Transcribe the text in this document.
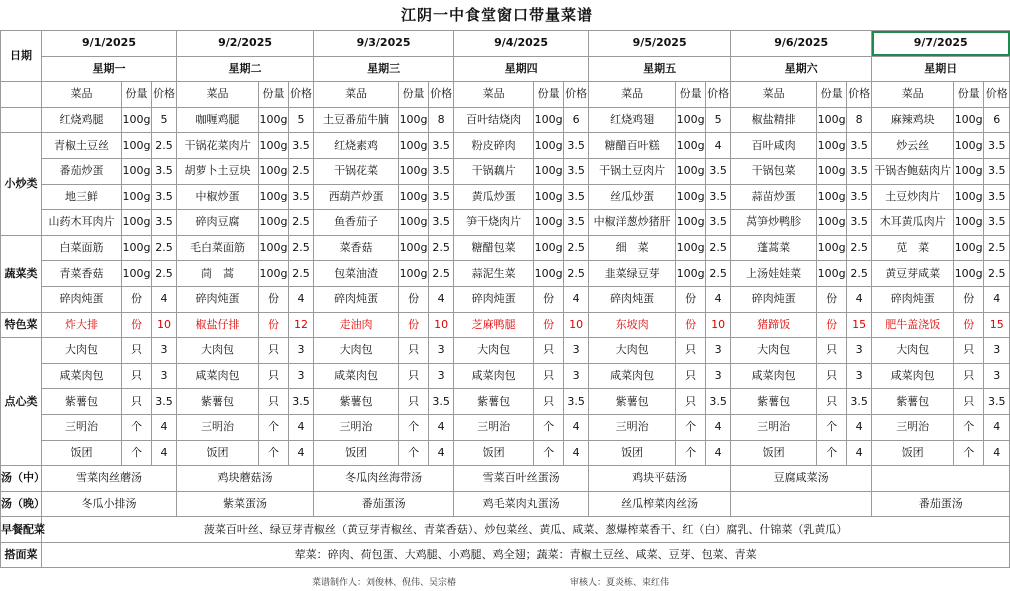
江阴一中食堂窗口带量菜谱
日期	9/1/2025			9/2/2025			9/3/2025			9/4/2025			9/5/2025			9/6/2025			9/7/2025		
	星期一			星期二			星期三			星期四			星期五			星期六			星期日		
	菜品	份量	价格	菜品	份量	价格	菜品	份量	价格	菜品	份量	价格	菜品	份量	价格	菜品	份量	价格	菜品	份量	价格
	红烧鸡腿	100g	5	咖喱鸡腿	100g	5	土豆番茄牛腩	100g	8	百叶结烧肉	100g	6	红烧鸡翅	100g	5	椒盐精排	100g	8	麻辣鸡块	100g	6
小炒类	青椒土豆丝	100g	2.5	干锅花菜肉片	100g	3.5	红烧素鸡	100g	3.5	粉皮碎肉	100g	3.5	糖醋百叶糕	100g	4	百叶咸肉	100g	3.5	炒云丝	100g	3.5
	番茄炒蛋	100g	3.5	胡萝卜土豆块	100g	2.5	干锅花菜	100g	3.5	干锅藕片	100g	3.5	干锅土豆肉片	100g	3.5	干锅包菜	100g	3.5	干锅杏鲍菇肉片	100g	3.5
	地三鲜	100g	3.5	中椒炒蛋	100g	3.5	西葫芦炒蛋	100g	3.5	黄瓜炒蛋	100g	3.5	丝瓜炒蛋	100g	3.5	蒜苗炒蛋	100g	3.5	土豆炒肉片	100g	3.5
	山药木耳肉片	100g	3.5	碎肉豆腐	100g	2.5	鱼香茄子	100g	3.5	笋干烧肉片	100g	3.5	中椒洋葱炒猪肝	100g	3.5	莴笋炒鸭胗	100g	3.5	木耳黄瓜肉片	100g	3.5
蔬菜类	白菜面筋	100g	2.5	毛白菜面筋	100g	2.5	菜香菇	100g	2.5	糖醋包菜	100g	2.5	细　菜	100g	2.5	蓬蒿菜	100g	2.5	苋　菜	100g	2.5
	青菜香菇	100g	2.5	茼　蒿	100g	2.5	包菜油渣	100g	2.5	蒜泥生菜	100g	2.5	韭菜绿豆芽	100g	2.5	上汤娃娃菜	100g	2.5	黄豆芽咸菜	100g	2.5
	碎肉炖蛋	份	4	碎肉炖蛋	份	4	碎肉炖蛋	份	4	碎肉炖蛋	份	4	碎肉炖蛋	份	4	碎肉炖蛋	份	4	碎肉炖蛋	份	4
特色菜	炸大排	份	10	椒盐仔排	份	12	走油肉	份	10	芝麻鸭腿	份	10	东坡肉	份	10	猪蹄饭	份	15	肥牛盖浇饭	份	15
点心类	大肉包	只	3	大肉包	只	3	大肉包	只	3	大肉包	只	3	大肉包	只	3	大肉包	只	3	大肉包	只	3
	咸菜肉包	只	3	咸菜肉包	只	3	咸菜肉包	只	3	咸菜肉包	只	3	咸菜肉包	只	3	咸菜肉包	只	3	咸菜肉包	只	3
	紫薯包	只	3.5	紫薯包	只	3.5	紫薯包	只	3.5	紫薯包	只	3.5	紫薯包	只	3.5	紫薯包	只	3.5	紫薯包	只	3.5
	三明治	个	4	三明治	个	4	三明治	个	4	三明治	个	4	三明治	个	4	三明治	个	4	三明治	个	4
	饭团	个	4	饭团	个	4	饭团	个	4	饭团	个	4	饭团	个	4	饭团	个	4	饭团	个	4
汤（中）	雪菜肉丝蘑汤			鸡块蘑菇汤			冬瓜肉丝海带汤			雪菜百叶丝蛋汤			鸡块平菇汤			豆腐咸菜汤					
汤（晚）	冬瓜小排汤			紫菜蛋汤			番茄蛋汤			鸡毛菜肉丸蛋汤			丝瓜榨菜肉丝汤						番茄蛋汤		
早餐配菜	菠菜百叶丝、绿豆芽青椒丝（黄豆芽青椒丝、青菜香菇）、炒包菜丝、黄瓜、咸菜、葱爆榨菜香干、红（白）腐乳、什锦菜（乳黄瓜）																				
搭面菜	荤菜：碎肉、荷包蛋、大鸡腿、小鸡腿、鸡全翅；蔬菜：青椒土豆丝、咸菜、豆芽、包菜、青菜																				
菜谱制作人：刘俊林、倪伟、吴宗椿	审核人：夏炎栋、束红伟
